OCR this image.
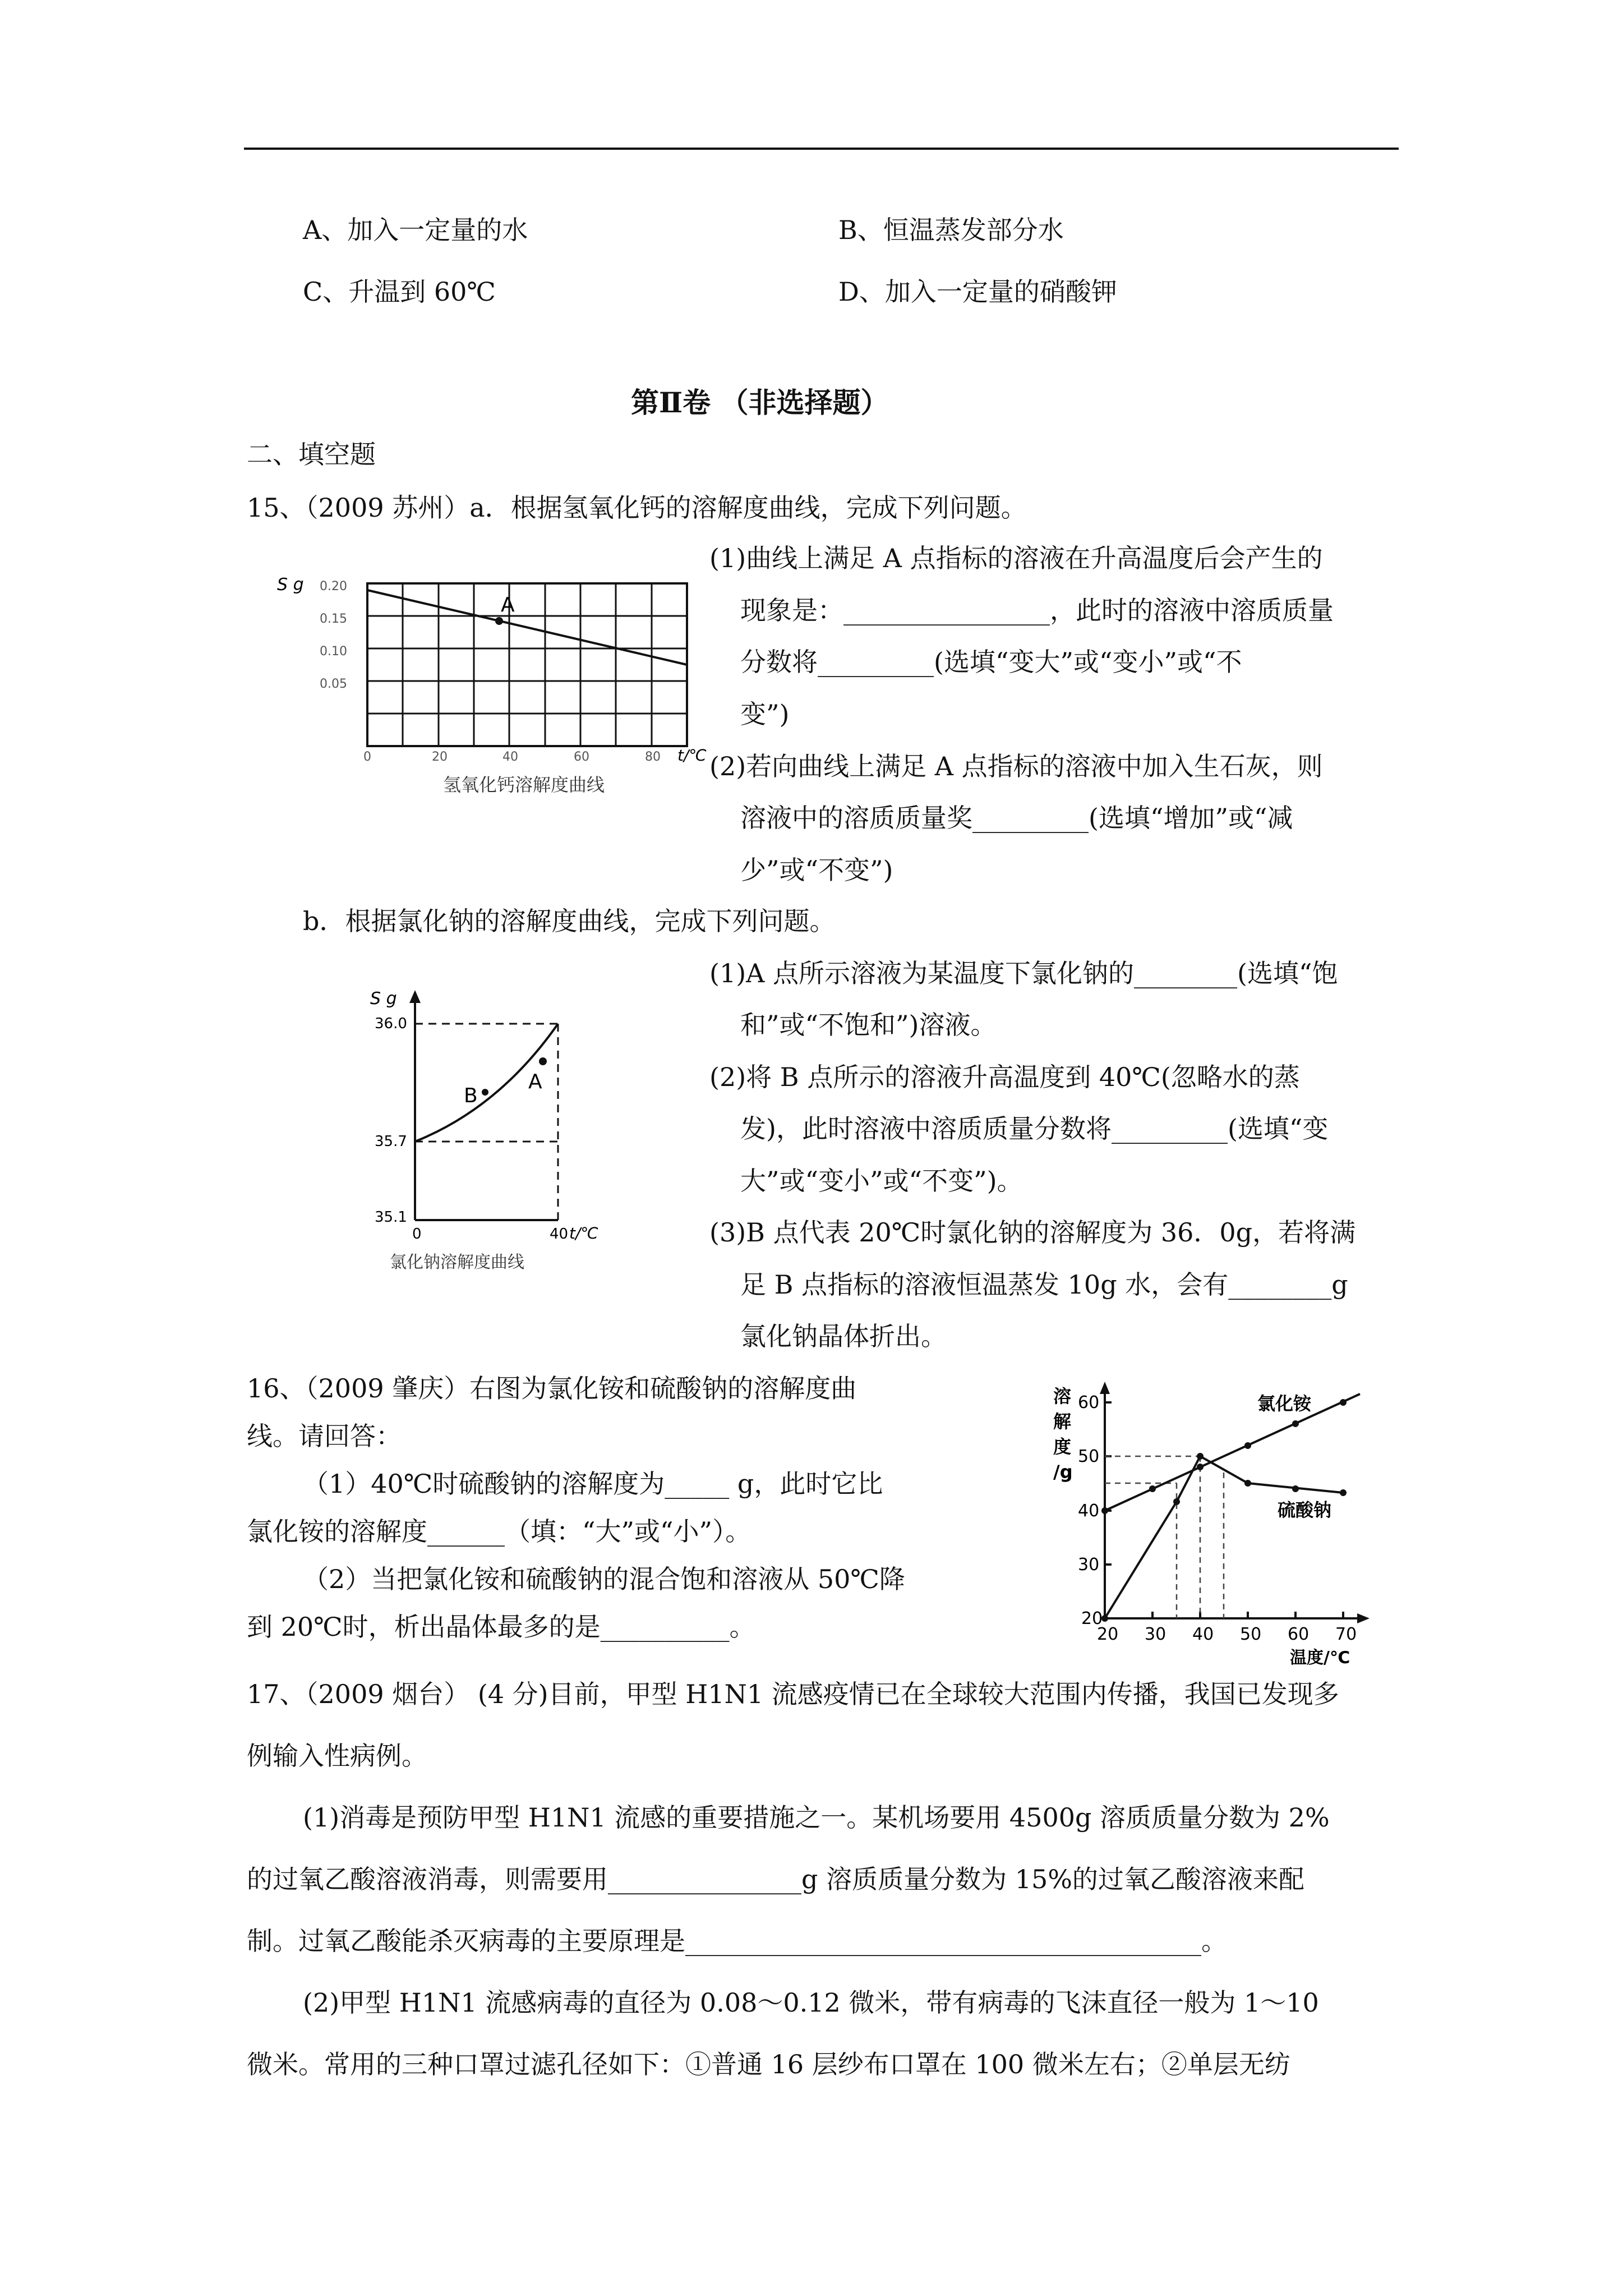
A、加入一定量的水	B、恒温蒸发部分水
C、升温到 60℃	D、加入一定量的硝酸钾
第Ⅱ卷 （非选择题）
二、填空题
15、（2009 苏州）a．根据氢氧化钙的溶解度曲线，完成下列问题。
A
S g 0.20
0.15
0.10
0.05
0	20	40	60	80 t/℃
氢氧化钙溶解度曲线
(1)曲线上满足 A 点指标的溶液在升高温度后会产生的
现象是：________________，此时的溶液中溶质质量
分数将_________(选填“变大”或“变小”或“不
变”)
(2)若向曲线上满足 A 点指标的溶液中加入生石灰，则
溶液中的溶质质量奖_________(选填“增加”或“减
少”或“不变”)
b．根据氯化钠的溶解度曲线，完成下列问题。
B
A
S g
36.0
35.7
35.1
0	40 t/℃
氯化钠溶解度曲线
(1)A 点所示溶液为某温度下氯化钠的________(选填“饱
和”或“不饱和”)溶液。
(2)将 B 点所示的溶液升高温度到 40℃(忽略水的蒸
发)，此时溶液中溶质质量分数将_________(选填“变
大”或“变小”或“不变”)。
(3)B 点代表 20℃时氯化钠的溶解度为 36．0g，若将满
足 B 点指标的溶液恒温蒸发 10g 水，会有________g
氯化钠晶体折出。
16、（2009 肇庆）右图为氯化铵和硫酸钠的溶解度曲
线。请回答：
（1）40℃时硫酸钠的溶解度为_____ g，此时它比
氯化铵的溶解度______（填：“大”或“小”）。
（2）当把氯化铵和硫酸钠的混合饱和溶液从 50℃降
到 20℃时，析出晶体最多的是__________。
溶
解
度
/g
60
50
40
30
20
20 30 40 50 60 70
温度/℃
氯化铵
硫酸钠
17、（2009 烟台） (4 分)目前，甲型 H1N1 流感疫情已在全球较大范围内传播，我国已发现多
例输入性病例。
(1)消毒是预防甲型 H1N1 流感的重要措施之一。某机场要用 4500g 溶质质量分数为 2%
的过氧乙酸溶液消毒，则需要用_______________g 溶质质量分数为 15%的过氧乙酸溶液来配
制。过氧乙酸能杀灭病毒的主要原理是________________________________________。
(2)甲型 H1N1 流感病毒的直径为 0.08～0.12 微米，带有病毒的飞沫直径一般为 1～10
微米。常用的三种口罩过滤孔径如下：①普通 16 层纱布口罩在 100 微米左右；②单层无纺
